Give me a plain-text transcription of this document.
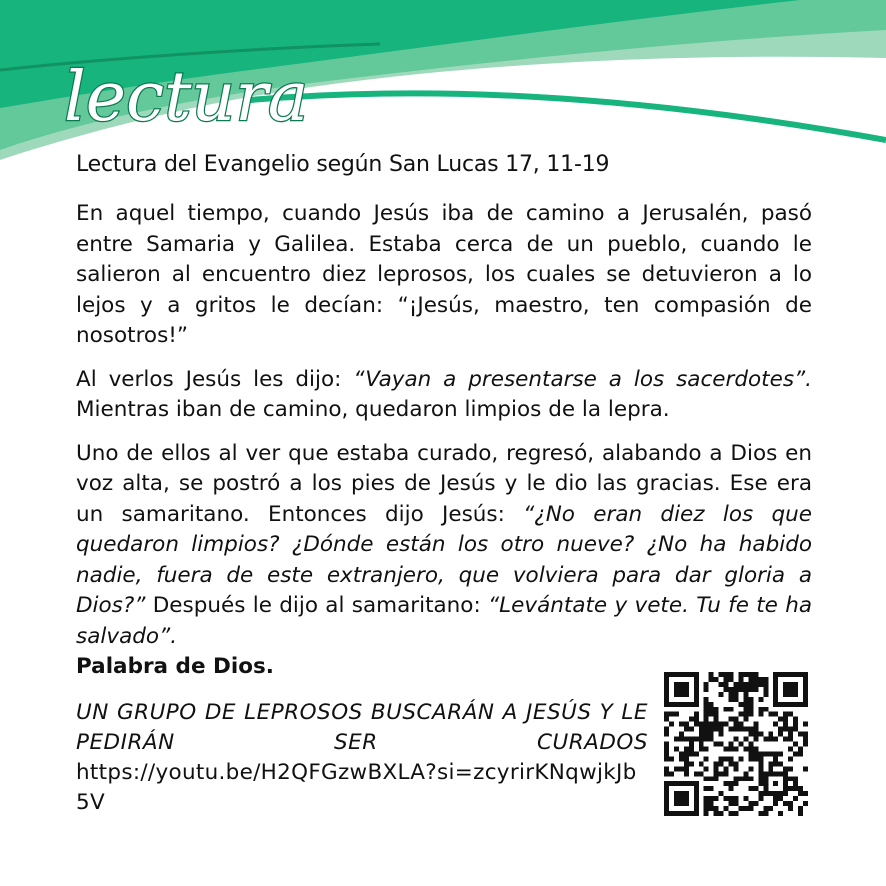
lectura
Lectura del Evangelio según San Lucas 17, 11-19

En aquel tiempo, cuando Jesús iba de camino a Jerusalén, pasó entre Samaria y Galilea. Estaba cerca de un pueblo, cuando le salieron al encuentro diez leprosos, los cuales se detuvieron a lo lejos y a gritos le decían: “¡Jesús, maestro, ten compasión de nosotros!”

Al verlos Jesús les dijo: “Vayan a presentarse a los sacerdotes”. Mientras iban de camino, quedaron limpios de la lepra.

Uno de ellos al ver que estaba curado, regresó, alabando a Dios en voz alta, se postró a los pies de Jesús y le dio las gracias. Ese era un samaritano. Entonces dijo Jesús: “¿No eran diez los que quedaron limpios? ¿Dónde están los otro nueve? ¿No ha habido nadie, fuera de este extranjero, que volviera para dar gloria a Dios?” Después le dijo al samaritano: “Levántate y vete. Tu fe te ha salvado”.

Palabra de Dios.

UN GRUPO DE LEPROSOS BUSCARÁN A JESÚS Y LE PEDIRÁN SER CURADOS
https://youtu.be/H2QFGzwBXLA?si=zcyrirKNqwjkJb5V
